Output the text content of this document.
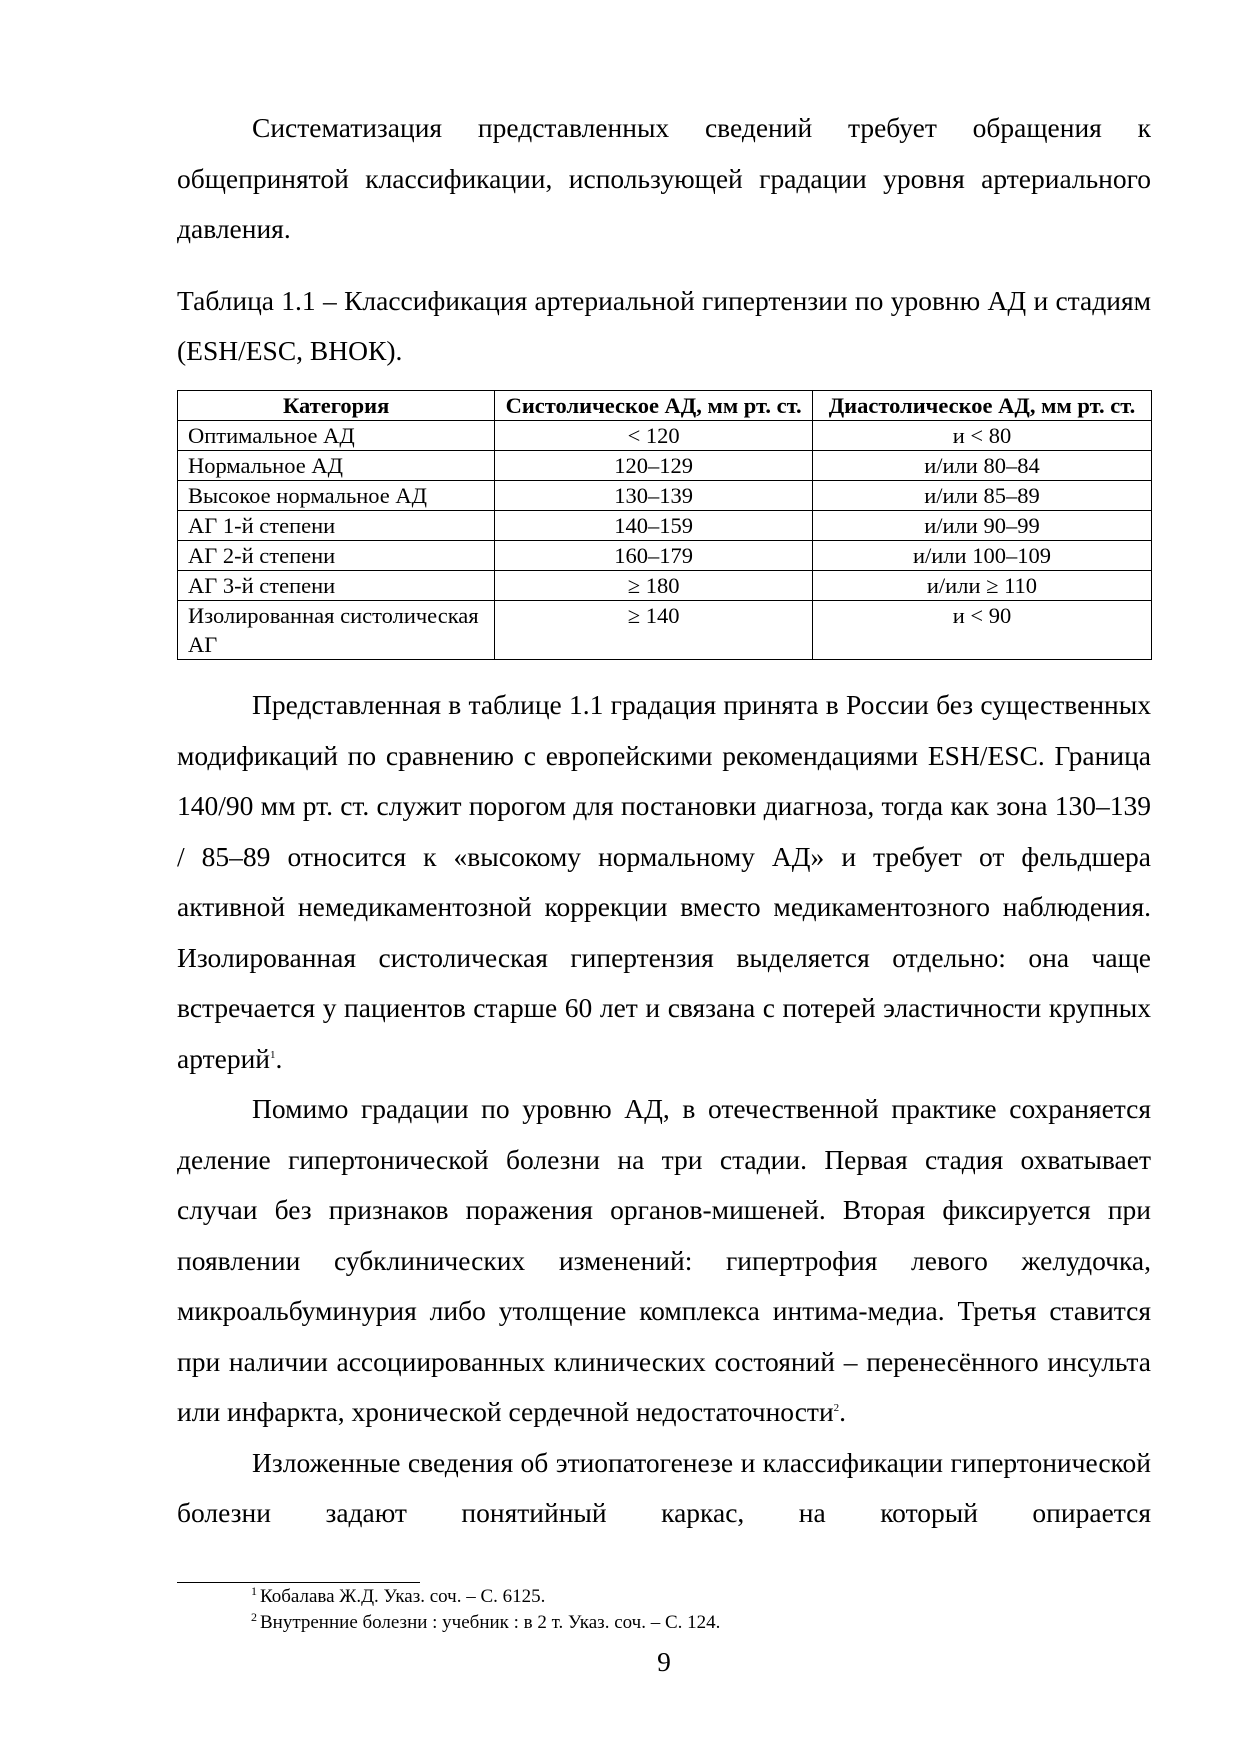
Систематизация представленных сведений требует обращения к общепринятой классификации, использующей градации уровня артериального давления.

Таблица 1.1 – Классификация артериальной гипертензии по уровню АД и стадиям (ESH/ESC, ВНОК).

Категория	Систолическое АД, мм рт. ст.	Диастолическое АД, мм рт. ст.
Оптимальное АД	< 120	и < 80
Нормальное АД	120–129	и/или 80–84
Высокое нормальное АД	130–139	и/или 85–89
АГ 1-й степени	140–159	и/или 90–99
АГ 2-й степени	160–179	и/или 100–109
АГ 3-й степени	≥ 180	и/или ≥ 110
Изолированная систолическая АГ	≥ 140	и < 90

Представленная в таблице 1.1 градация принята в России без существенных модификаций по сравнению с европейскими рекомендациями ESH/ESC. Граница 140/90 мм рт. ст. служит порогом для постановки диагноза, тогда как зона 130–139 / 85–89 относится к «высокому нормальному АД» и требует от фельдшера активной немедикаментозной коррекции вместо медикаментозного наблюдения. Изолированная систолическая гипертензия выделяется отдельно: она чаще встречается у пациентов старше 60 лет и связана с потерей эластичности крупных артерий$^1$.

Помимо градации по уровню АД, в отечественной практике сохраняется деление гипертонической болезни на три стадии. Первая стадия охватывает случаи без признаков поражения органов-мишеней. Вторая фиксируется при появлении субклинических изменений: гипертрофия левого желудочка, микроальбуминурия либо утолщение комплекса интима-медиа. Третья ставится при наличии ассоциированных клинических состояний – перенесённого инсульта или инфаркта, хронической сердечной недостаточности$^2$.

Изложенные сведения об этиопатогенезе и классификации гипертонической болезни задают понятийный каркас, на который опирается

$^1$ Кобалава Ж.Д. Указ. соч. – С. 6125.
$^2$ Внутренние болезни : учебник : в 2 т. Указ. соч. – С. 124.
9
